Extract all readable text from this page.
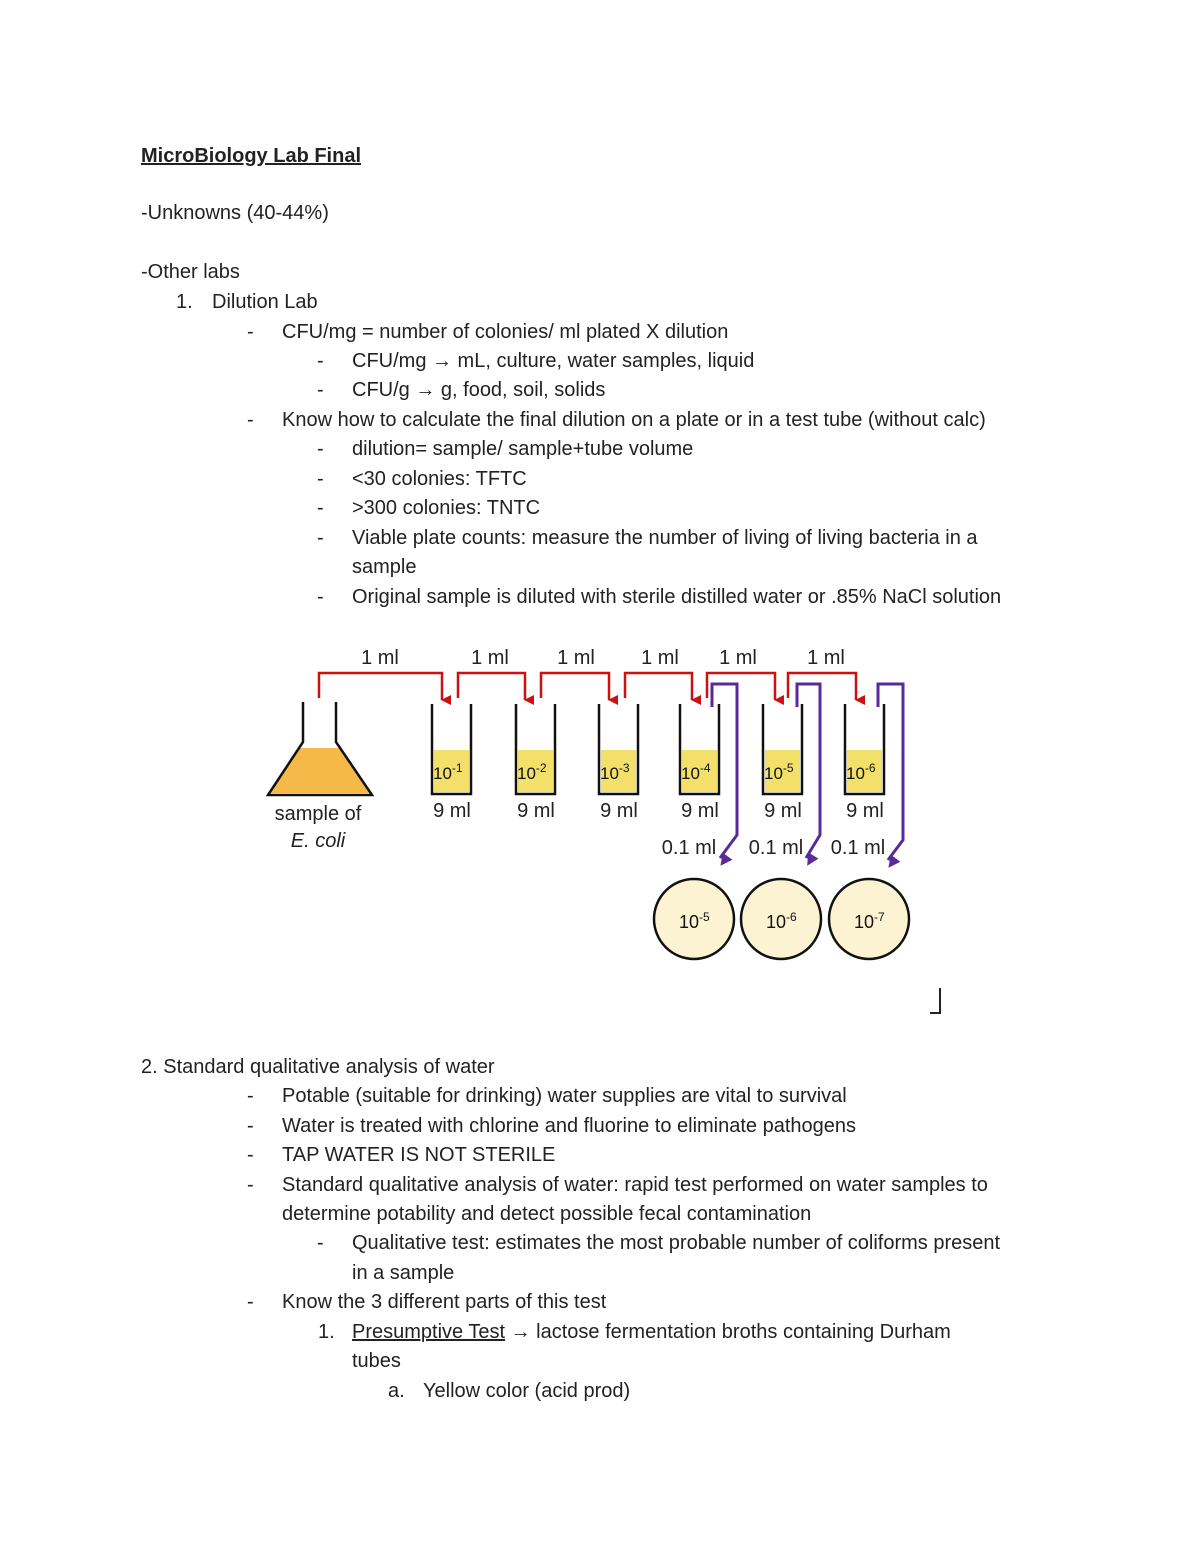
MicroBiology Lab Final
-Unknowns (40-44%)
-Other labs
1. Dilution Lab
- CFU/mg = number of colonies/ ml plated X dilution
- CFU/mg → mL, culture, water samples, liquid
- CFU/g → g, food, soil, solids
- Know how to calculate the final dilution on a plate or in a test tube (without calc)
- dilution= sample/ sample+tube volume
- <30 colonies: TFTC
- >300 colonies: TNTC
- Viable plate counts: measure the number of living of living bacteria in a
sample
- Original sample is diluted with sterile distilled water or .85% NaCl solution
1 ml	1 ml 1 ml 1 ml 1 ml	1 ml
sample of
E. coli
$10^{-1}$
9 ml
$10^{-2}$
9 ml
$10^{-3}$
9 ml
$10^{-4}$
9 ml
$10^{-5}$
9 ml
$10^{-6}$
9 ml
0.1 ml 0.1 ml 0.1 ml
$10^{-5}$	$10^{-6}$	$10^{-7}$
2. Standard qualitative analysis of water
- Potable (suitable for drinking) water supplies are vital to survival
- Water is treated with chlorine and fluorine to eliminate pathogens
- TAP WATER IS NOT STERILE
- Standard qualitative analysis of water: rapid test performed on water samples to
determine potability and detect possible fecal contamination
- Qualitative test: estimates the most probable number of coliforms present
in a sample
- Know the 3 different parts of this test
1. Presumptive Test → lactose fermentation broths containing Durham
tubes
a. Yellow color (acid prod)
